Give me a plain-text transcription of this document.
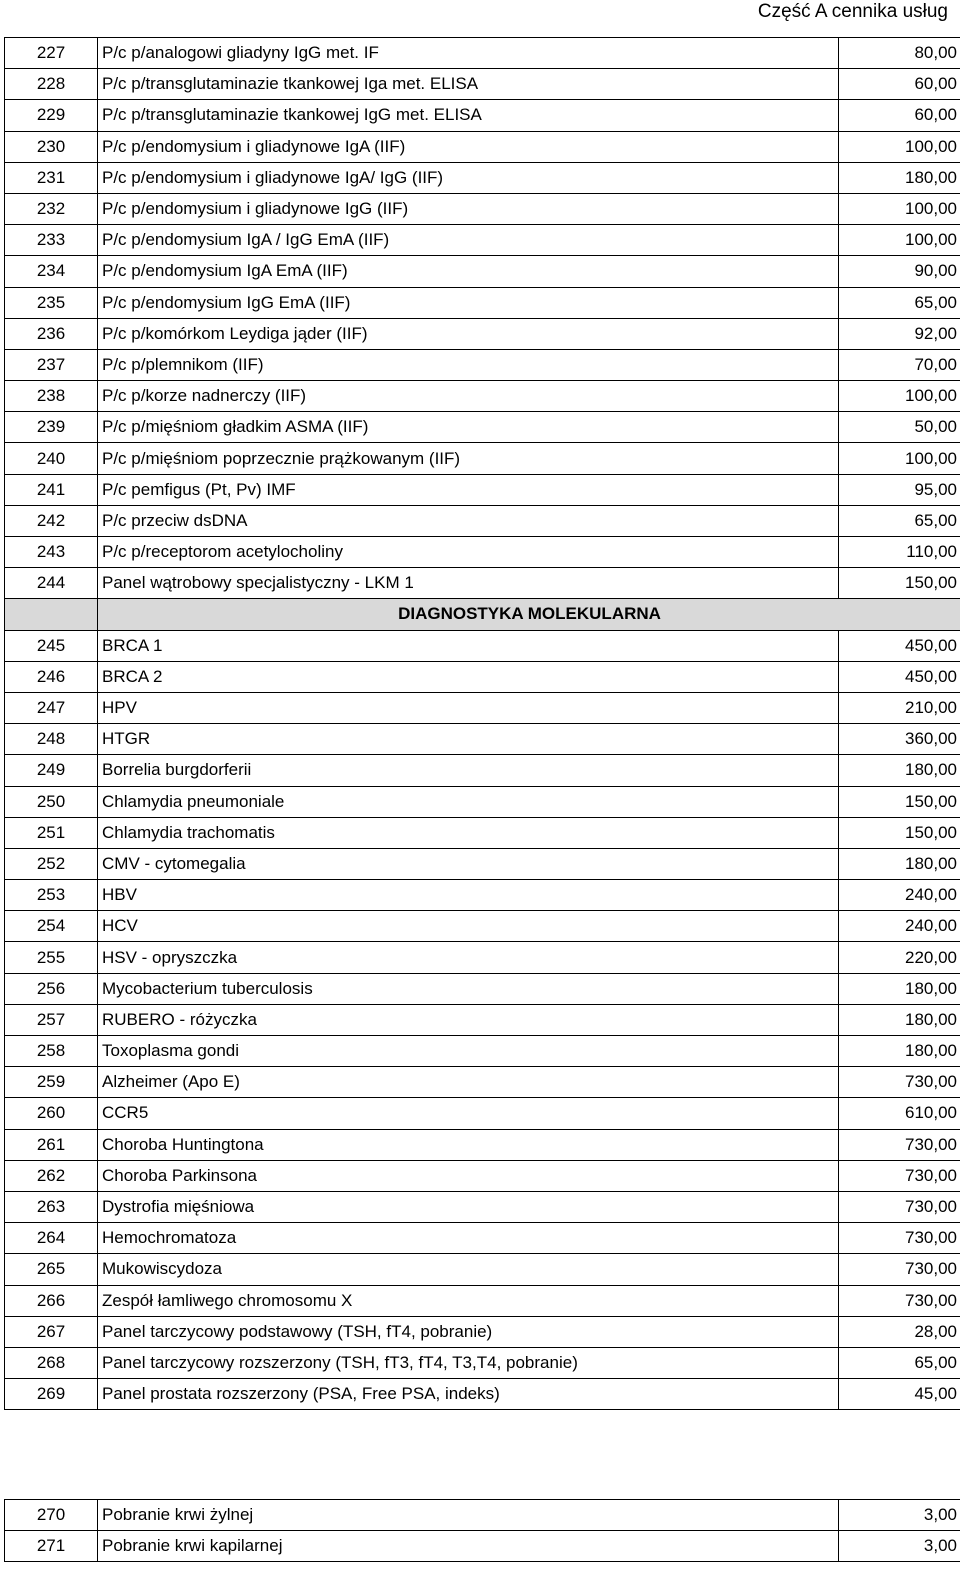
Część A cennika usług
227	P/c p/analogowi gliadyny IgG met. IF	80,00
228	P/c p/transglutaminazie tkankowej Iga met. ELISA	60,00
229	P/c p/transglutaminazie tkankowej IgG met. ELISA	60,00
230	P/c p/endomysium i gliadynowe IgA (IIF)	100,00
231	P/c p/endomysium i gliadynowe IgA/ IgG (IIF)	180,00
232	P/c p/endomysium i gliadynowe IgG (IIF)	100,00
233	P/c p/endomysium IgA / IgG EmA (IIF)	100,00
234	P/c p/endomysium IgA EmA (IIF)	90,00
235	P/c p/endomysium IgG EmA (IIF)	65,00
236	P/c p/komórkom Leydiga jąder (IIF)	92,00
237	P/c p/plemnikom (IIF)	70,00
238	P/c p/korze nadnerczy (IIF)	100,00
239	P/c p/mięśniom gładkim ASMA (IIF)	50,00
240	P/c p/mięśniom poprzecznie prążkowanym (IIF)	100,00
241	P/c pemfigus (Pt, Pv) IMF	95,00
242	P/c przeciw dsDNA	65,00
243	P/c p/receptorom acetylocholiny	110,00
244	Panel wątrobowy specjalistyczny - LKM 1	150,00
	DIAGNOSTYKA MOLEKULARNA	
245	BRCA 1	450,00
246	BRCA 2	450,00
247	HPV	210,00
248	HTGR	360,00
249	Borrelia burgdorferii	180,00
250	Chlamydia pneumoniale	150,00
251	Chlamydia trachomatis	150,00
252	CMV - cytomegalia	180,00
253	HBV	240,00
254	HCV	240,00
255	HSV - opryszczka	220,00
256	Mycobacterium tuberculosis	180,00
257	RUBERO - różyczka	180,00
258	Toxoplasma gondi	180,00
259	Alzheimer (Apo E)	730,00
260	CCR5	610,00
261	Choroba Huntingtona	730,00
262	Choroba Parkinsona	730,00
263	Dystrofia mięśniowa	730,00
264	Hemochromatoza	730,00
265	Mukowiscydoza	730,00
266	Zespół łamliwego chromosomu X	730,00
267	Panel tarczycowy podstawowy (TSH, fT4, pobranie)	28,00
268	Panel tarczycowy rozszerzony (TSH, fT3, fT4, T3,T4, pobranie)	65,00
269	Panel prostata rozszerzony (PSA, Free PSA, indeks)	45,00
270	Pobranie krwi żylnej	3,00
271	Pobranie krwi kapilarnej	3,00
